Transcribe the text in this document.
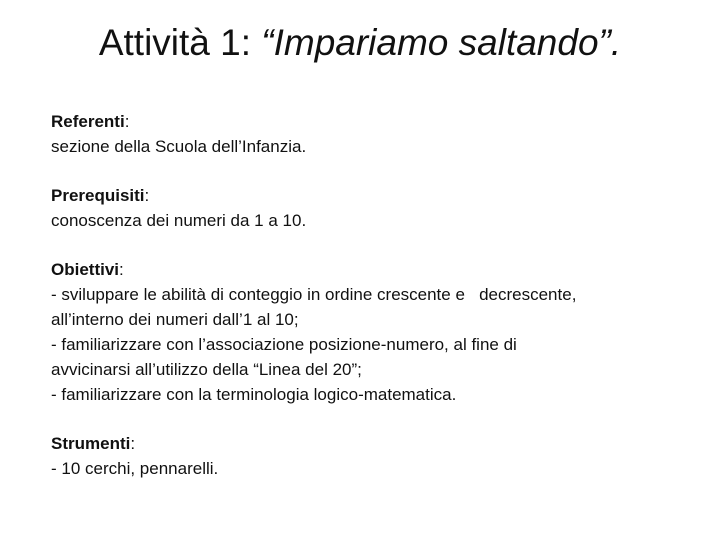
Attività 1: “Impariamo saltando”.
Referenti:
sezione della Scuola dell’Infanzia.
Prerequisiti:
conoscenza dei numeri da 1 a 10.
Obiettivi:
- sviluppare le abilità di conteggio in ordine crescente e   decrescente,
all’interno dei numeri dall’1 al 10;
- familiarizzare con l’associazione posizione-numero, al fine di
avvicinarsi all’utilizzo della “Linea del 20”;
- familiarizzare con la terminologia logico-matematica.
Strumenti:
- 10 cerchi, pennarelli.
